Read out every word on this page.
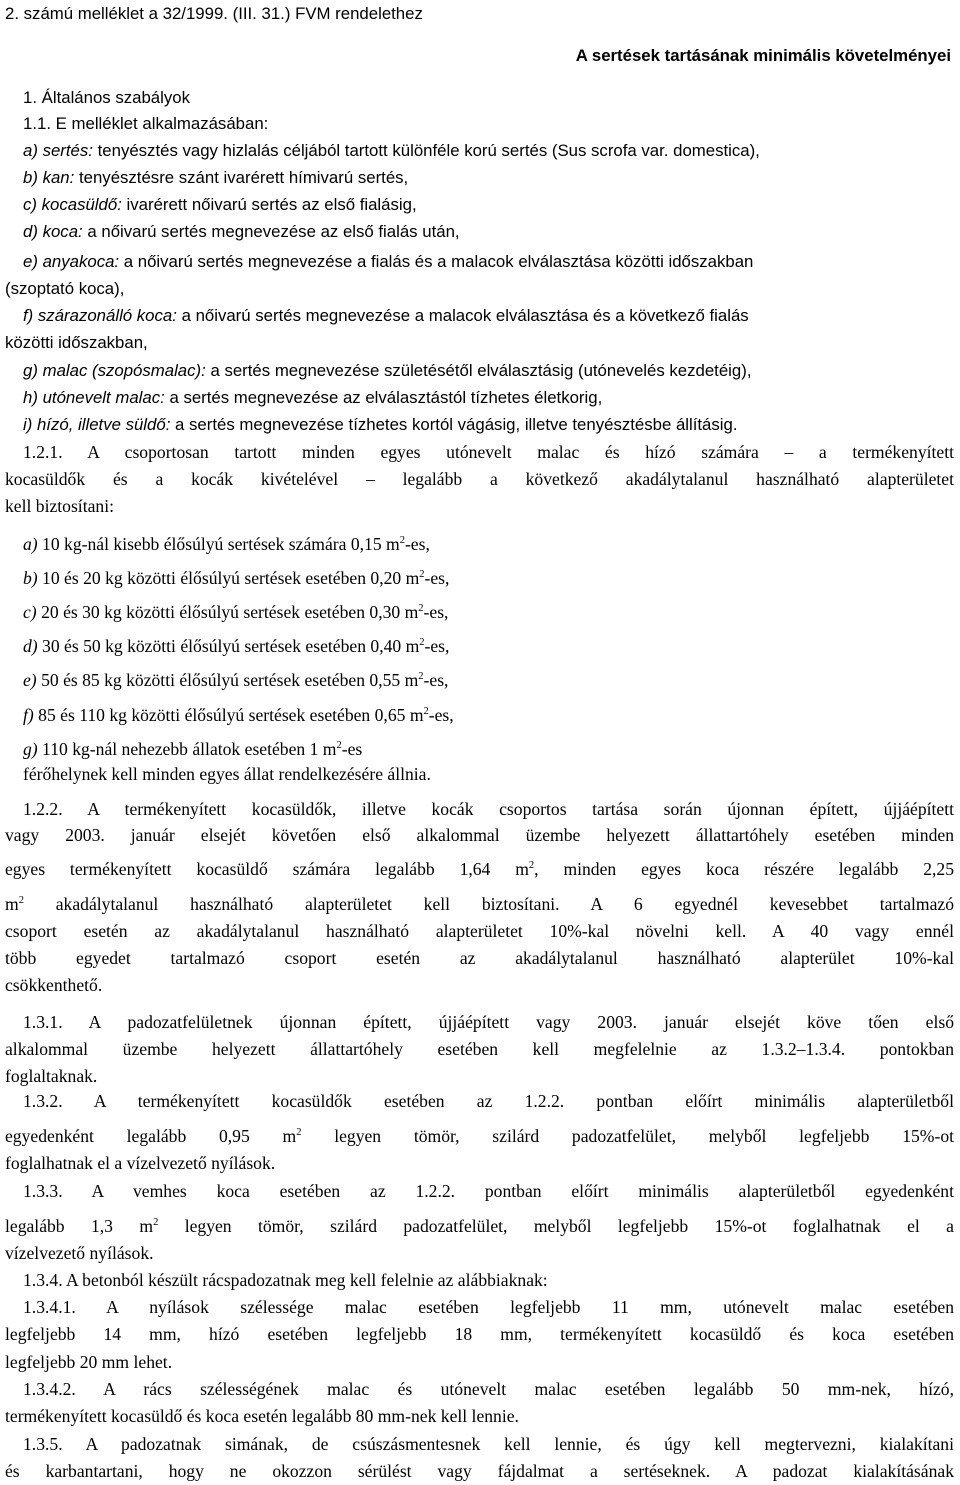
2. számú melléklet a 32/1999. (III. 31.) FVM rendelethez
A sertések tartásának minimális követelményei
1. Általános szabályok
1.1. E melléklet alkalmazásában:
a) sertés: tenyésztés vagy hizlalás céljából tartott különféle korú sertés (Sus scrofa var. domestica),
b) kan: tenyésztésre szánt ivarérett hímivarú sertés,
c) kocasüldő: ivarérett nőivarú sertés az első fialásig,
d) koca: a nőivarú sertés megnevezése az első fialás után,
e) anyakoca: a nőivarú sertés megnevezése a fialás és a malacok elválasztása közötti időszakban
(szoptató koca),
f) szárazonálló koca: a nőivarú sertés megnevezése a malacok elválasztása és a következő fialás
közötti időszakban,
g) malac (szopósmalac): a sertés megnevezése születésétől elválasztásig (utónevelés kezdetéig),
h) utónevelt malac: a sertés megnevezése az elválasztástól tízhetes életkorig,
i) hízó, illetve süldő: a sertés megnevezése tízhetes kortól vágásig, illetve tenyésztésbe állításig.
1.2.1. A csoportosan tartott minden egyes utónevelt malac és hízó számára – a termékenyített
kocasüldők és a kocák kivételével – legalább a következő akadálytalanul használható alapterületet
kell biztosítani:
a) 10 kg-nál kisebb élősúlyú sertések számára 0,15 $m^2-es$,
b) 10 és 20 kg közötti élősúlyú sertések esetében 0,20 $m^2-es$,
c) 20 és 30 kg közötti élősúlyú sertések esetében 0,30 $m^2-es$,
d) 30 és 50 kg közötti élősúlyú sertések esetében 0,40 $m^2-es$,
e) 50 és 85 kg közötti élősúlyú sertések esetében 0,55 $m^2-es$,
f) 85 és 110 kg közötti élősúlyú sertések esetében 0,65 $m^2-es$,
g) 110 kg-nál nehezebb állatok esetében 1 $m^2-es$
férőhelynek kell minden egyes állat rendelkezésére állnia.
1.2.2. A termékenyített kocasüldők, illetve kocák csoportos tartása során újonnan épített, újjáépített
vagy 2003. január elsejét követően első alkalommal üzembe helyezett állattartóhely esetében minden
egyes termékenyített kocasüldő számára legalább 1,64 $m^2$, minden egyes koca részére legalább 2,25
$m^2$ akadálytalanul használható alapterületet kell biztosítani. A 6 egyednél kevesebbet tartalmazó
csoport esetén az akadálytalanul használható alapterületet 10%-kal növelni kell. A 40 vagy ennél
több egyedet tartalmazó csoport esetén az akadálytalanul használható alapterület 10%-kal
csökkenthető.
1.3.1. A padozatfelületnek újonnan épített, újjáépített vagy 2003. január elsejét köve tően első
alkalommal üzembe helyezett állattartóhely esetében kell megfelelnie az 1.3.2–1.3.4. pontokban
foglaltaknak.
1.3.2. A termékenyített kocasüldők esetében az 1.2.2. pontban előírt minimális alapterületből
egyedenként legalább 0,95 $m^2$ legyen tömör, szilárd padozatfelület, melyből legfeljebb 15%-ot
foglalhatnak el a vízelvezető nyílások.
1.3.3. A vemhes koca esetében az 1.2.2. pontban előírt minimális alapterületből egyedenként
legalább 1,3 $m^2$ legyen tömör, szilárd padozatfelület, melyből legfeljebb 15%-ot foglalhatnak el a
vízelvezető nyílások.
1.3.4. A betonból készült rácspadozatnak meg kell felelnie az alábbiaknak:
1.3.4.1. A nyílások szélessége malac esetében legfeljebb 11 mm, utónevelt malac esetében
legfeljebb 14 mm, hízó esetében legfeljebb 18 mm, termékenyített kocasüldő és koca esetében
legfeljebb 20 mm lehet.
1.3.4.2. A rács szélességének malac és utónevelt malac esetében legalább 50 mm-nek, hízó,
termékenyített kocasüldő és koca esetén legalább 80 mm-nek kell lennie.
1.3.5. A padozatnak simának, de csúszásmentesnek kell lennie, és úgy kell megtervezni, kialakítani
és karbantartani, hogy ne okozzon sérülést vagy fájdalmat a sertéseknek. A padozat kialakításának
